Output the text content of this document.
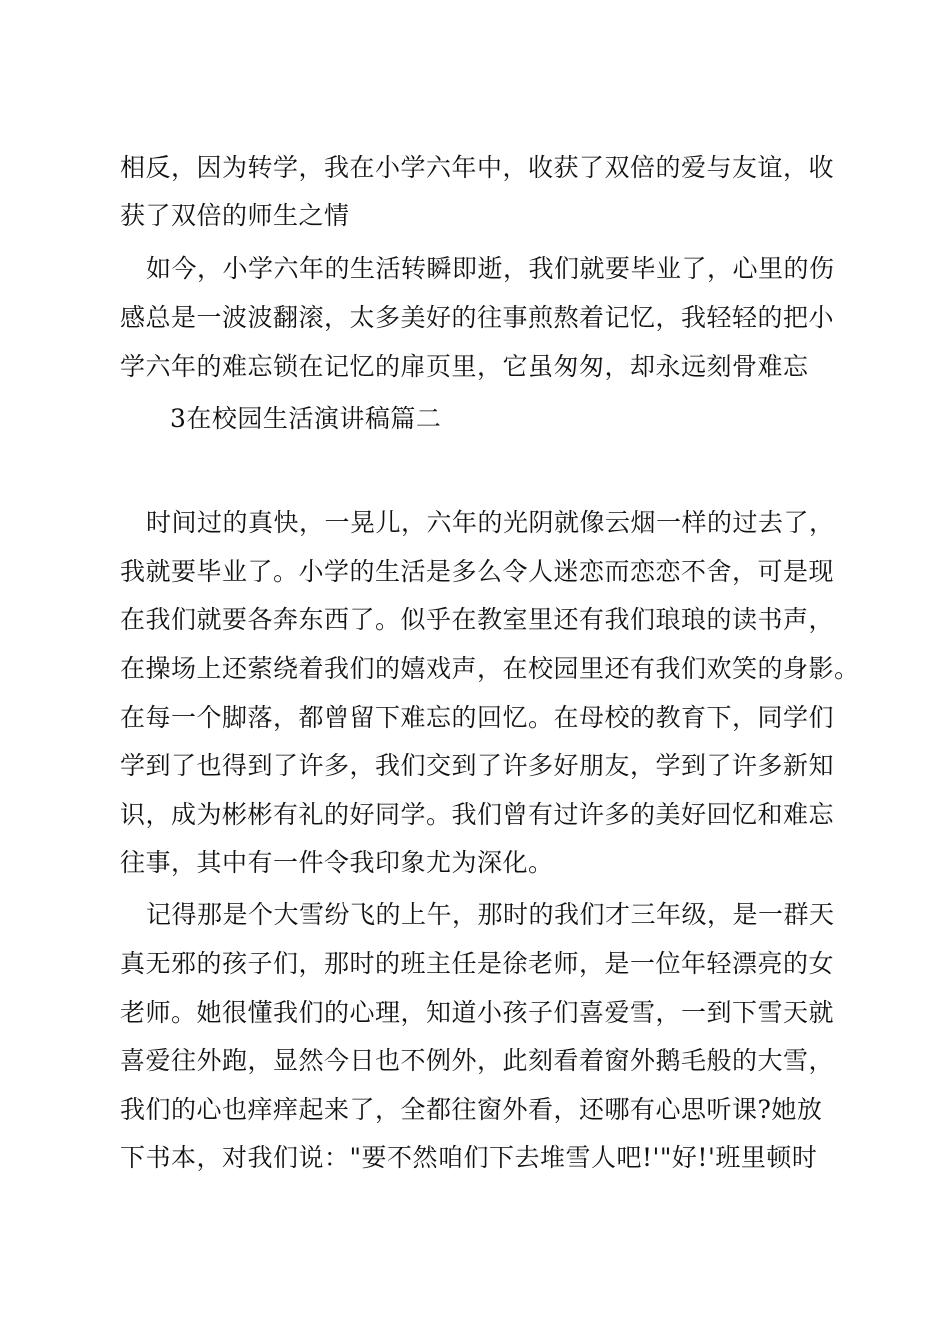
相反，因为转学，我在小学六年中，收获了双倍的爱与友谊，收
获了双倍的师生之情
如今，小学六年的生活转瞬即逝，我们就要毕业了，心里的伤
感总是一波波翻滚，太多美好的往事煎熬着记忆，我轻轻的把小
学六年的难忘锁在记忆的扉页里，它虽匆匆，却永远刻骨难忘
3在校园生活演讲稿篇二
时间过的真快，一晃儿，六年的光阴就像云烟一样的过去了，
我就要毕业了。小学的生活是多么令人迷恋而恋恋不舍，可是现
在我们就要各奔东西了。似乎在教室里还有我们琅琅的读书声，
在操场上还萦绕着我们的嬉戏声，在校园里还有我们欢笑的身影。
在每一个脚落，都曾留下难忘的回忆。在母校的教育下，同学们
学到了也得到了许多，我们交到了许多好朋友，学到了许多新知
识，成为彬彬有礼的好同学。我们曾有过许多的美好回忆和难忘
往事，其中有一件令我印象尤为深化。
记得那是个大雪纷飞的上午，那时的我们才三年级，是一群天
真无邪的孩子们，那时的班主任是徐老师，是一位年轻漂亮的女
老师。她很懂我们的心理，知道小孩子们喜爱雪，一到下雪天就
喜爱往外跑，显然今日也不例外，此刻看着窗外鹅毛般的大雪，
我们的心也痒痒起来了，全都往窗外看，还哪有心思听课?她放
下书本，对我们说："要不然咱们下去堆雪人吧!'"好!'班里顿时
